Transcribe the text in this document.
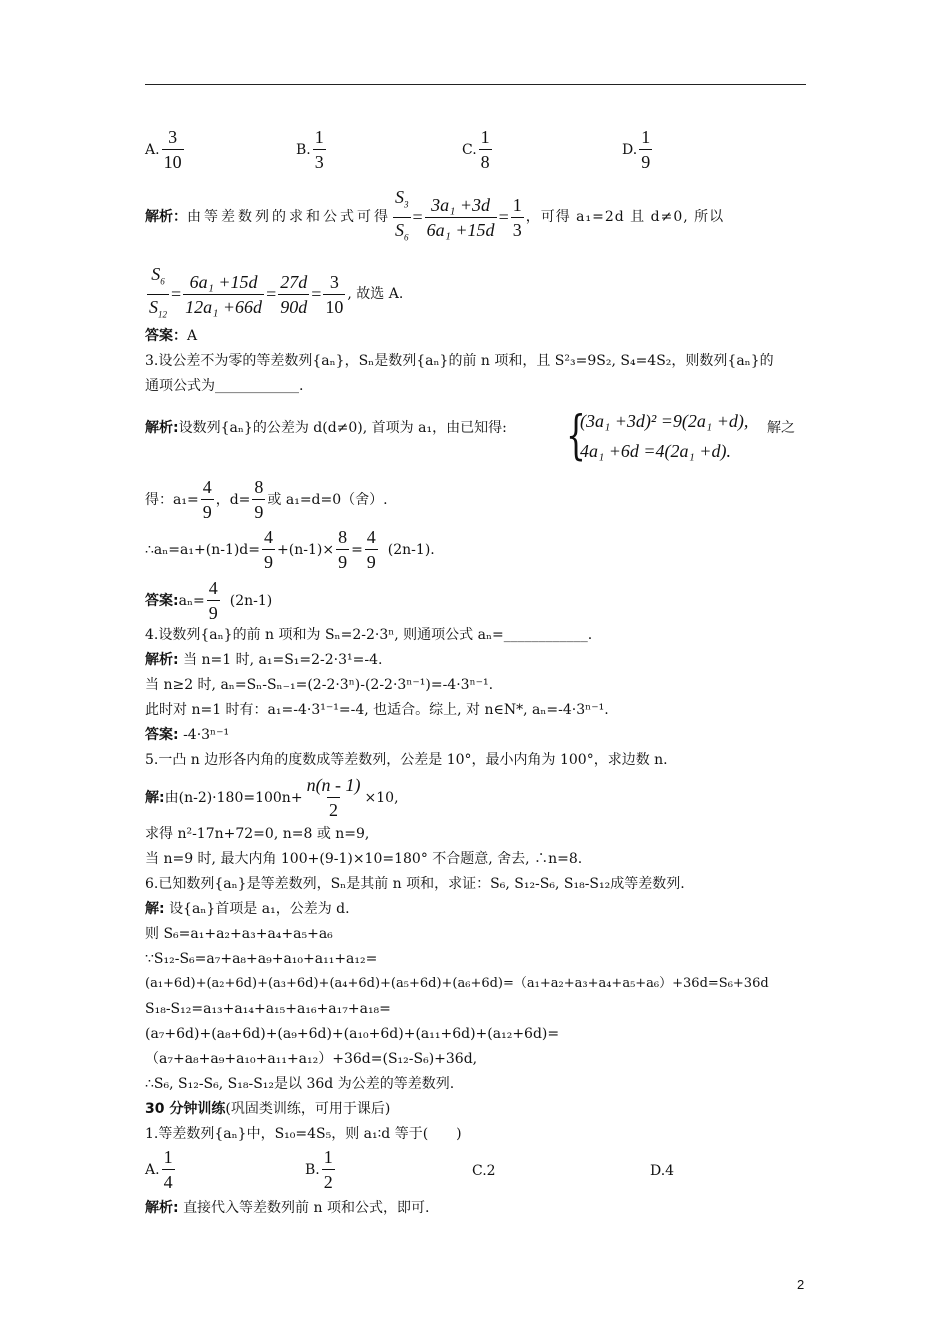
A. $\frac{3}{10}$	B. $\frac{1}{3}$	C. $\frac{1}{8}$	D. $\frac{1}{9}$
解析： 由等差数列的求和公式可得 $\frac{S_3}{S_6} = \frac{\text{3a₁ +3d}}{\text{6a₁ +15d}} = \frac{1}{3}$ ，可得 a₁=2d 且 d≠0, 所以
$\frac{S_6}{S_{12}} = \frac{\text{6a₁ +15d}}{\text{12a₁ +66d}} = \frac{27d}{90d} = \frac{3}{10}$ , 故选 A.
答案：A
3.设公差不为零的等差数列{aₙ}，Sₙ是数列{aₙ}的前 n 项和，且 S²₃=9S₂, S₄=4S₂，则数列{aₙ}的
通项公式为____________.
解析:设数列{aₙ}的公差为 d(d≠0), 首项为 a₁，由已知得: {
(3a₁ +3d)² =9(2a₁ +d),
4a₁ +6d =4(2a₁ +d).
解之
得：$a_1= \frac{4}{9}$ ，$d= \frac{8}{9}$ 或 a₁=d=0（舍）.
∴aₙ=a₁+(n-1)d= $\frac{4}{9} +(n-1)\times \frac{8}{9} = \frac{4}{9} (2n-1)$.
答案: $a_n= \frac{4}{9} (2n-1)$
4.设数列{aₙ}的前 n 项和为 Sₙ=2-2·3ⁿ, 则通项公式 aₙ=____________.
解析: 当 n=1 时, a₁=S₁=2-2·3¹=-4.
当 n≥2 时, aₙ=Sₙ-Sₙ₋₁=(2-2·3ⁿ)-(2-2·3ⁿ⁻¹)=-4·3ⁿ⁻¹.
此时对 n=1 时有：a₁=-4·3¹⁻¹=-4, 也适合。综上, 对 n∈N*, aₙ=-4·3ⁿ⁻¹.
答案: -4·3ⁿ⁻¹
5.一凸 n 边形各内角的度数成等差数列，公差是 10°，最小内角为 100°，求边数 n.
解: 由$(n-2)\cdot 180=100n+ \frac{n(n - 1)}{2} \times 10$,
求得 n²-17n+72=0, n=8 或 n=9,
当 n=9 时, 最大内角 100+(9-1)×10=180° 不合题意, 舍去, ∴n=8.
6.已知数列{aₙ}是等差数列，Sₙ是其前 n 项和，求证：S₆, S₁₂-S₆, S₁₈-S₁₂成等差数列.
解: 设{aₙ}首项是 a₁，公差为 d.
则 S₆=a₁+a₂+a₃+a₄+a₅+a₆
∵S₁₂-S₆=a₇+a₈+a₉+a₁₀+a₁₁+a₁₂=
(a₁+6d)+(a₂+6d)+(a₃+6d)+(a₄+6d)+(a₅+6d)+(a₆+6d)=（a₁+a₂+a₃+a₄+a₅+a₆）+36d=S₆+36d
S₁₈-S₁₂=a₁₃+a₁₄+a₁₅+a₁₆+a₁₇+a₁₈=
(a₇+6d)+(a₈+6d)+(a₉+6d)+(a₁₀+6d)+(a₁₁+6d)+(a₁₂+6d)=
（a₇+a₈+a₉+a₁₀+a₁₁+a₁₂）+36d=(S₁₂-S₆)+36d,
∴S₆, S₁₂-S₆, S₁₈-S₁₂是以 36d 为公差的等差数列.
30 分钟训练(巩固类训练，可用于课后)
1.等差数列{aₙ}中，S₁₀=4S₅，则 a₁∶d 等于(　　)
A. $\frac{1}{4}$	B. $\frac{1}{2}$	C.2	D.4
解析: 直接代入等差数列前 n 项和公式，即可.
2
